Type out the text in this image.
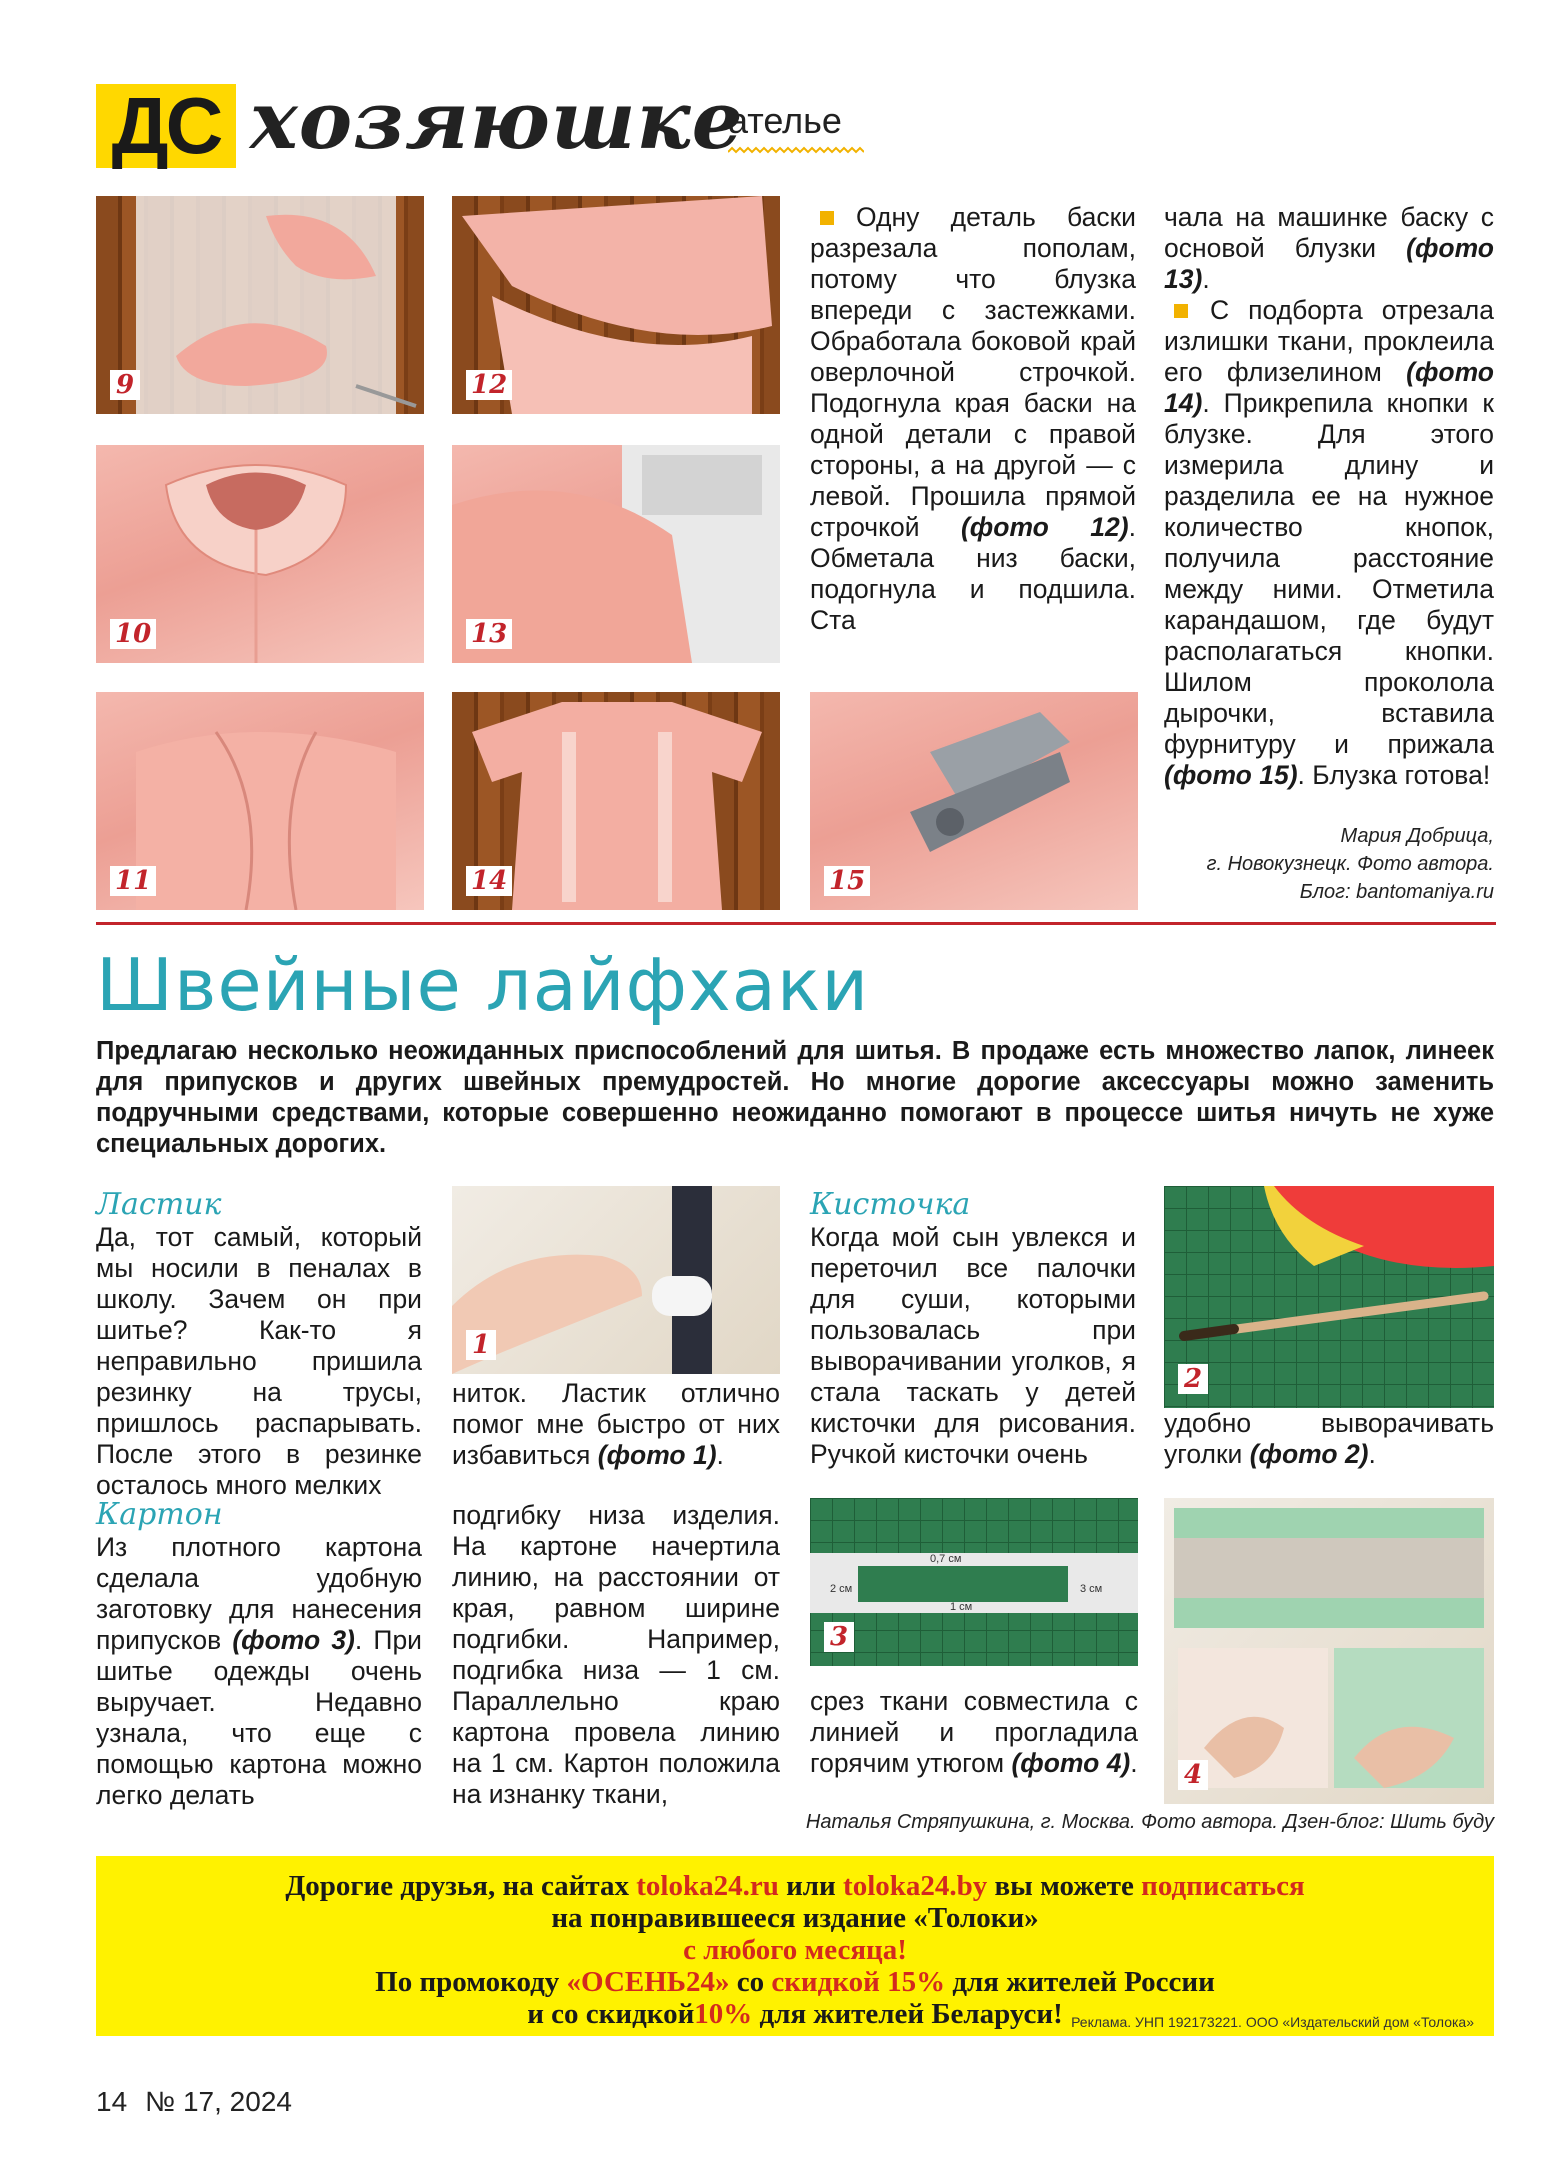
ДС хозяюшке
ателье
9	12
10	13
11	14	15
Одну деталь баски разрезала пополам, потому что блузка впереди с застежками. Обработала боковой край оверлочной строчкой. Подогнула края баски на одной детали с правой стороны, а на другой — с левой. Прошила прямой строчкой (фото 12). Обметала низ баски, подогнула и подшила. Ста
чала на машинке баску с основой блузки (фото 13).
С подборта отрезала излишки ткани, проклеила его флизелином (фото 14). Прикрепила кнопки к блузке. Для этого измерила длину и разделила ее на нужное количество кнопок, получила расстояние между ними. Отметила карандашом, где будут располагаться кнопки. Шилом проколола дырочки, вставила фурнитуру и прижала (фото 15). Блузка готова!
Мария Добрица,
г. Новокузнецк. Фото автора.
Блог: bantomaniya.ru
Швейные лайфхаки
Предлагаю несколько неожиданных приспособлений для шитья. В продаже есть множество лапок, линеек для припусков и других швейных премудростей. Но многие дорогие аксессуары можно заменить подручными средствами, которые совершенно неожиданно помогают в процессе шитья ничуть не хуже специальных дорогих.
Ластик
Да, тот самый, который мы носили в пеналах в школу. Зачем он при шитье? Как-то я неправильно пришила резинку на трусы, пришлось распарывать. После этого в резинке осталось много мелких
1
ниток. Ластик отлично помог мне быстро от них избавиться (фото 1).
Кисточка
Когда мой сын увлекся и переточил все палочки для суши, которыми пользовалась при выворачивании уголков, я стала таскать у детей кисточки для рисования. Ручкой кисточки очень
2
удобно выворачивать уголки (фото 2).
Картон
Из плотного картона сделала удобную заготовку для нанесения припусков (фото 3). При шитье одежды очень выручает. Недавно узнала, что еще с помощью картона можно легко делать
подгибку низа изделия. На картоне начертила линию, на расстоянии от края, равном ширине подгибки. Например, подгибка низа — 1 см. Параллельно краю картона провела линию на 1 см. Картон положила на изнанку ткани,
0,7 см
2 см	3 см
1 см
3
срез ткани совместила с линией и прогладила горячим утюгом (фото 4). 4
Наталья Стряпушкина, г. Москва. Фото автора. Дзен-блог: Шить буду
Дорогие друзья, на сайтах toloka24.ru или toloka24.by вы можете подписаться
на понравившееся издание «Толоки»
с любого месяца!
По промокоду «ОСЕНЬ24» со скидкой 15% для жителей России
и со скидкой10% для жителей Беларуси! Реклама. УНП 192173221. ООО «Издательский дом «Толока»
14 № 17, 2024
